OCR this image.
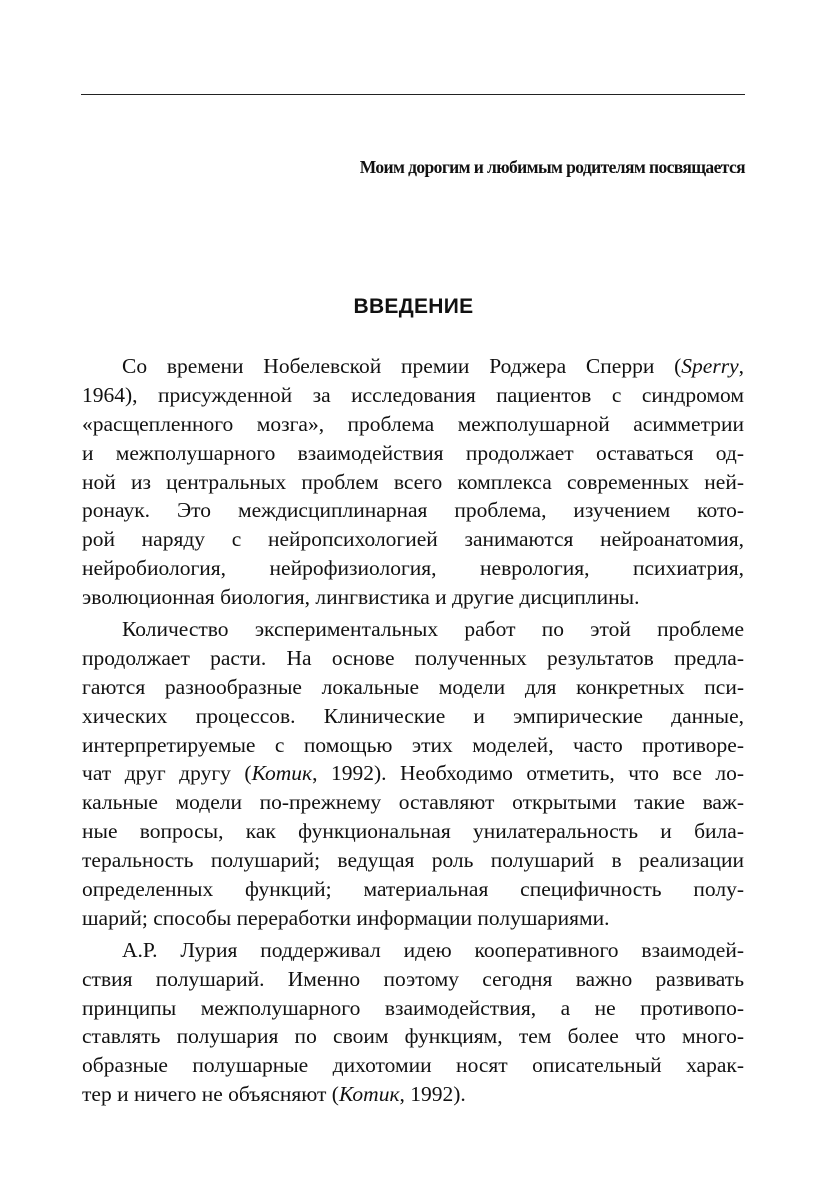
Моим дорогим и любимым родителям посвящается
ВВЕДЕНИЕ
Со времени Нобелевской премии Роджера Сперри (Sperry,
1964), присужденной за исследования пациентов с синдромом
«расщепленного мозга», проблема межполушарной асимметрии
и межполушарного взаимодействия продолжает оставаться од-
ной из центральных проблем всего комплекса современных ней-
ронаук. Это междисциплинарная проблема, изучением кото-
рой наряду с нейропсихологией занимаются нейроанатомия,
нейробиология, нейрофизиология, неврология, психиатрия,
эволюционная биология, лингвистика и другие дисциплины.
Количество экспериментальных работ по этой проблеме
продолжает расти. На основе полученных результатов предла-
гаются разнообразные локальные модели для конкретных пси-
хических процессов. Клинические и эмпирические данные,
интерпретируемые с помощью этих моделей, часто противоре-
чат друг другу (Котик, 1992). Необходимо отметить, что все ло-
кальные модели по-прежнему оставляют открытыми такие важ-
ные вопросы, как функциональная унилатеральность и била-
теральность полушарий; ведущая роль полушарий в реализации
определенных функций; материальная специфичность полу-
шарий; способы переработки информации полушариями.
А.Р. Лурия поддерживал идею кооперативного взаимодей-
ствия полушарий. Именно поэтому сегодня важно развивать
принципы межполушарного взаимодействия, а не противопо-
ставлять полушария по своим функциям, тем более что много-
образные полушарные дихотомии носят описательный харак-
тер и ничего не объясняют (Котик, 1992).
